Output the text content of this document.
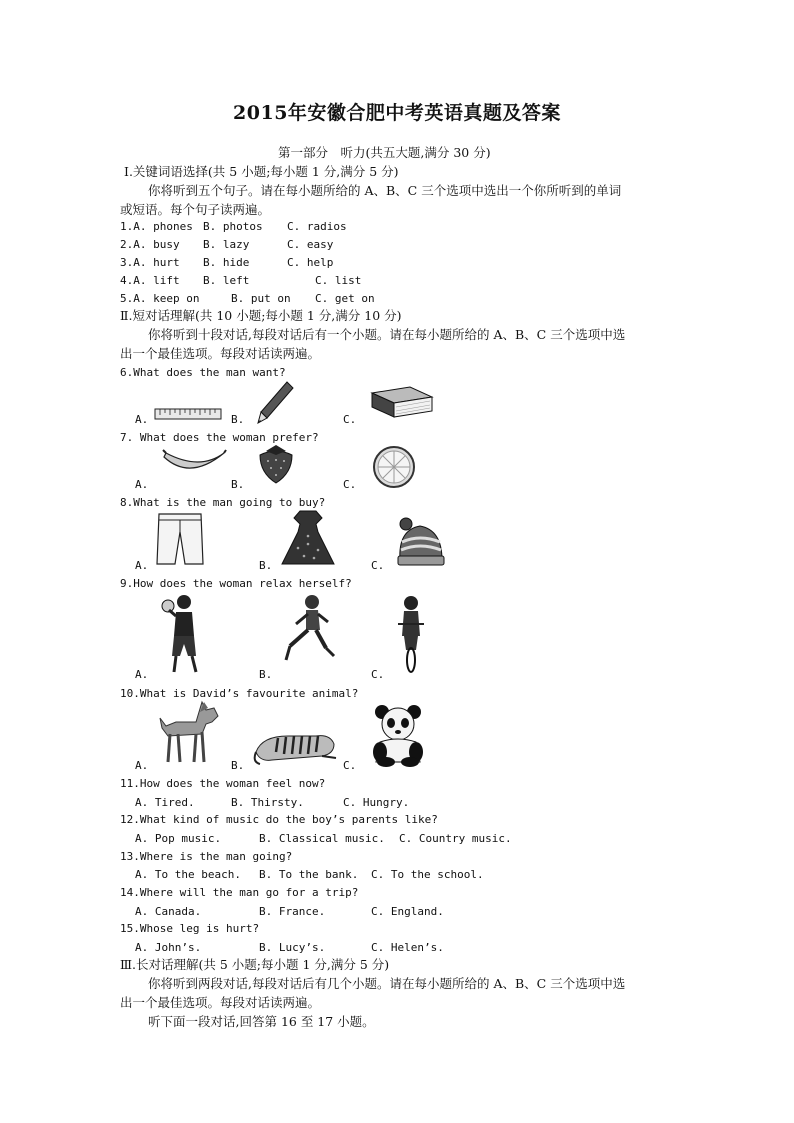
2015年安徽合肥中考英语真题及答案
第一部分　听力(共五大题,满分 30 分)
Ⅰ.关键词语选择(共 5 小题;每小题 1 分,满分 5 分)
你将听到五个句子。请在每小题所给的 A、B、C 三个选项中选出一个你所听到的单词
或短语。每个句子读两遍。
1.A. phones B. photos C. radios
2.A. busy B. lazy	C. easy
3.A. hurt B. hide	C. help
4.A. lift B. left	C. list
5.A. keep on	B. put on C. get on
Ⅱ.短对话理解(共 10 小题;每小题 1 分,满分 10 分)
你将听到十段对话,每段对话后有一个小题。请在每小题所给的 A、B、C 三个选项中选
出一个最佳选项。每段对话读两遍。
6.What does the man want?
A.	B.	C.
7. What does the woman prefer?
A.	B.	C.
8.What is the man going to buy?
A.	B.	C.
9.How does the woman relax herself?
A.	B.	C.
10.What is David’s favourite animal?
A.	B.	C.
11.How does the woman feel now?
A. Tired.	B. Thirsty.	C. Hungry.
12.What kind of music do the boy’s parents like?
A. Pop music.	B. Classical music. C. Country music.
13.Where is the man going?
A. To the beach. B. To the bank. C. To the school.
14.Where will the man go for a trip?
A. Canada.	B. France.	C. England.
15.Whose leg is hurt?
A. John’s.	B. Lucy’s.	C. Helen’s.
Ⅲ.长对话理解(共 5 小题;每小题 1 分,满分 5 分)
你将听到两段对话,每段对话后有几个小题。请在每小题所给的 A、B、C 三个选项中选
出一个最佳选项。每段对话读两遍。
听下面一段对话,回答第 16 至 17 小题。
